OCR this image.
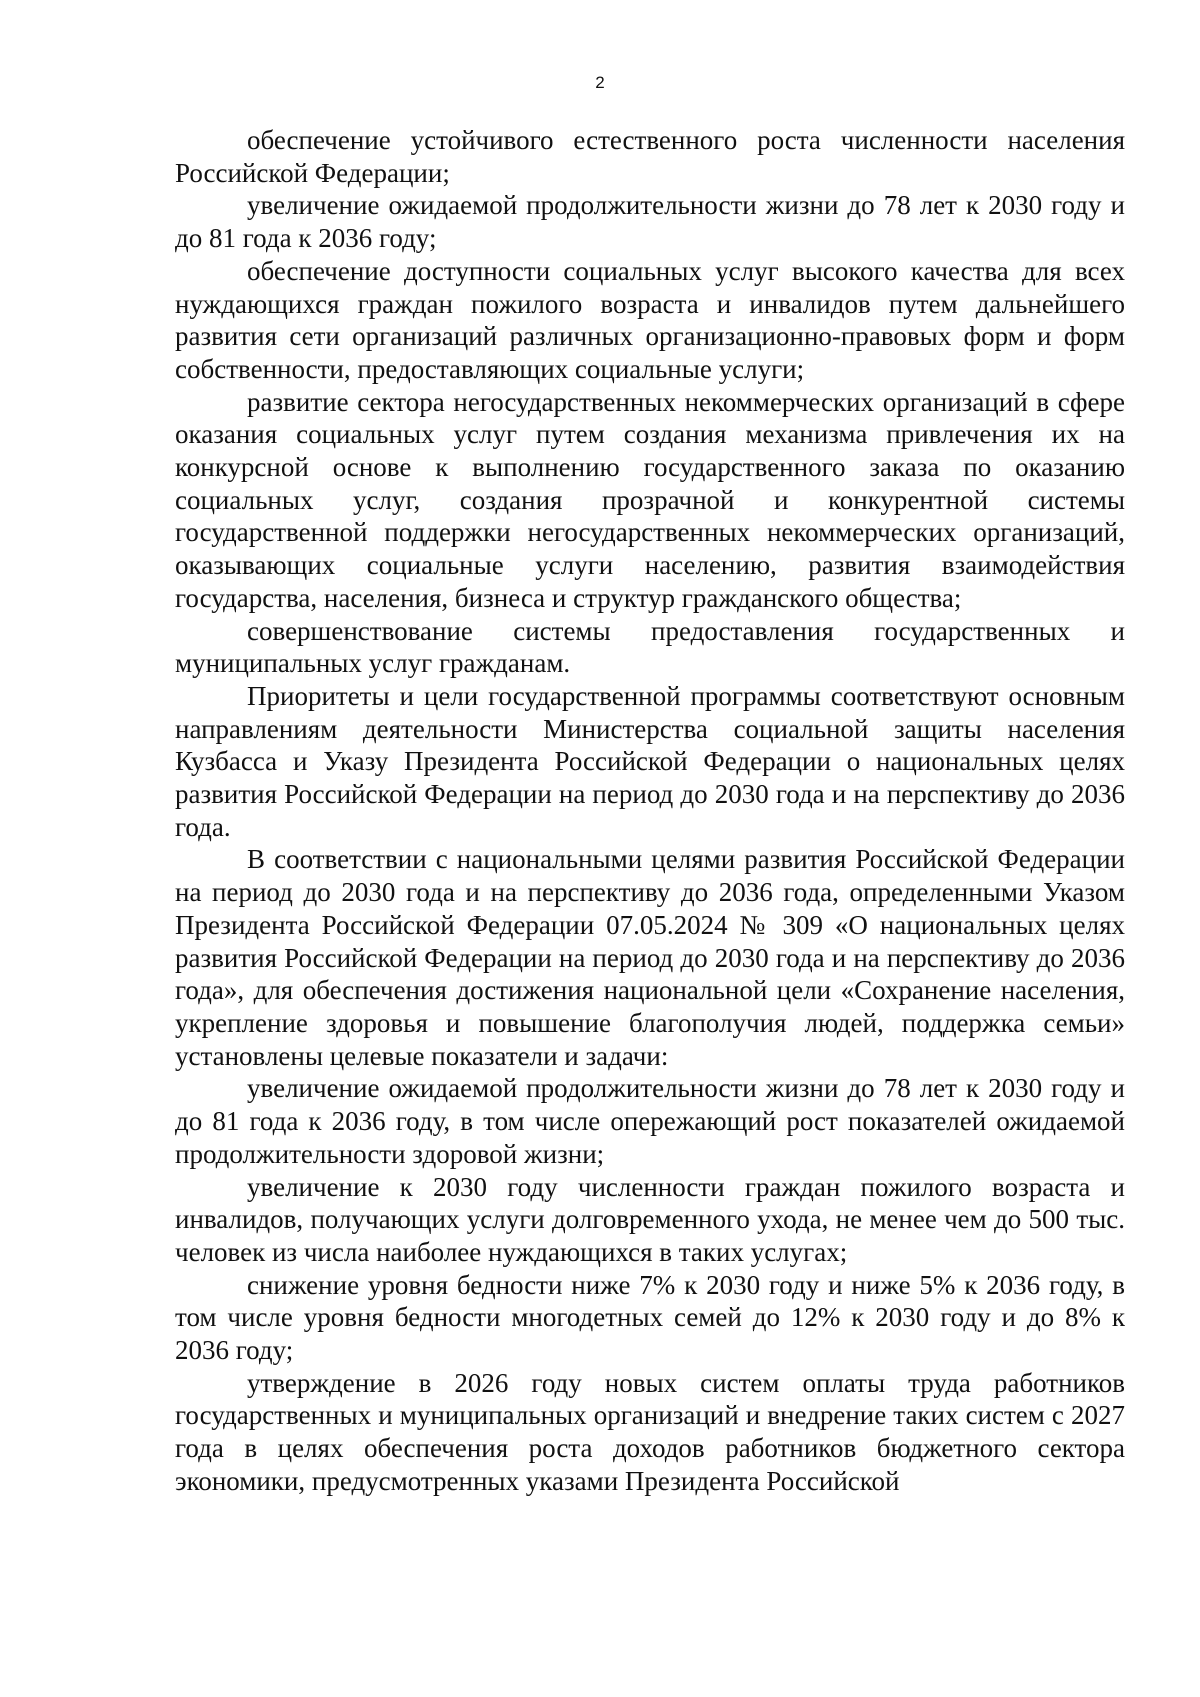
2

обеспечение устойчивого естественного роста численности населения Российской Федерации;

увеличение ожидаемой продолжительности жизни до 78 лет к 2030 году и до 81 года к 2036 году;

обеспечение доступности социальных услуг высокого качества для всех нуждающихся граждан пожилого возраста и инвалидов путем дальнейшего развития сети организаций различных организационно-правовых форм и форм собственности, предоставляющих социальные услуги;

развитие сектора негосударственных некоммерческих организаций в сфере оказания социальных услуг путем создания механизма привлечения их на конкурсной основе к выполнению государственного заказа по оказанию социальных услуг, создания прозрачной и конкурентной системы государственной поддержки негосударственных некоммерческих организаций, оказывающих социальные услуги населению, развития взаимодействия государства, населения, бизнеса и структур гражданского общества;

совершенствование системы предоставления государственных и муниципальных услуг гражданам.

Приоритеты и цели государственной программы соответствуют основным направлениям деятельности Министерства социальной защиты населения Кузбасса и Указу Президента Российской Федерации о национальных целях развития Российской Федерации на период до 2030 года и на перспективу до 2036 года.

В соответствии с национальными целями развития Российской Федерации на период до 2030 года и на перспективу до 2036 года, определенными Указом Президента Российской Федерации 07.05.2024 № 309 «О национальных целях развития Российской Федерации на период до 2030 года и на перспективу до 2036 года», для обеспечения достижения национальной цели «Сохранение населения, укрепление здоровья и повышение благополучия людей, поддержка семьи» установлены целевые показатели и задачи:

увеличение ожидаемой продолжительности жизни до 78 лет к 2030 году и до 81 года к 2036 году, в том числе опережающий рост показателей ожидаемой продолжительности здоровой жизни;

увеличение к 2030 году численности граждан пожилого возраста и инвалидов, получающих услуги долговременного ухода, не менее чем до 500 тыс. человек из числа наиболее нуждающихся в таких услугах;

снижение уровня бедности ниже 7% к 2030 году и ниже 5% к 2036 году, в том числе уровня бедности многодетных семей до 12% к 2030 году и до 8% к 2036 году;

утверждение в 2026 году новых систем оплаты труда работников государственных и муниципальных организаций и внедрение таких систем с 2027 года в целях обеспечения роста доходов работников бюджетного сектора экономики, предусмотренных указами Президента Российской
